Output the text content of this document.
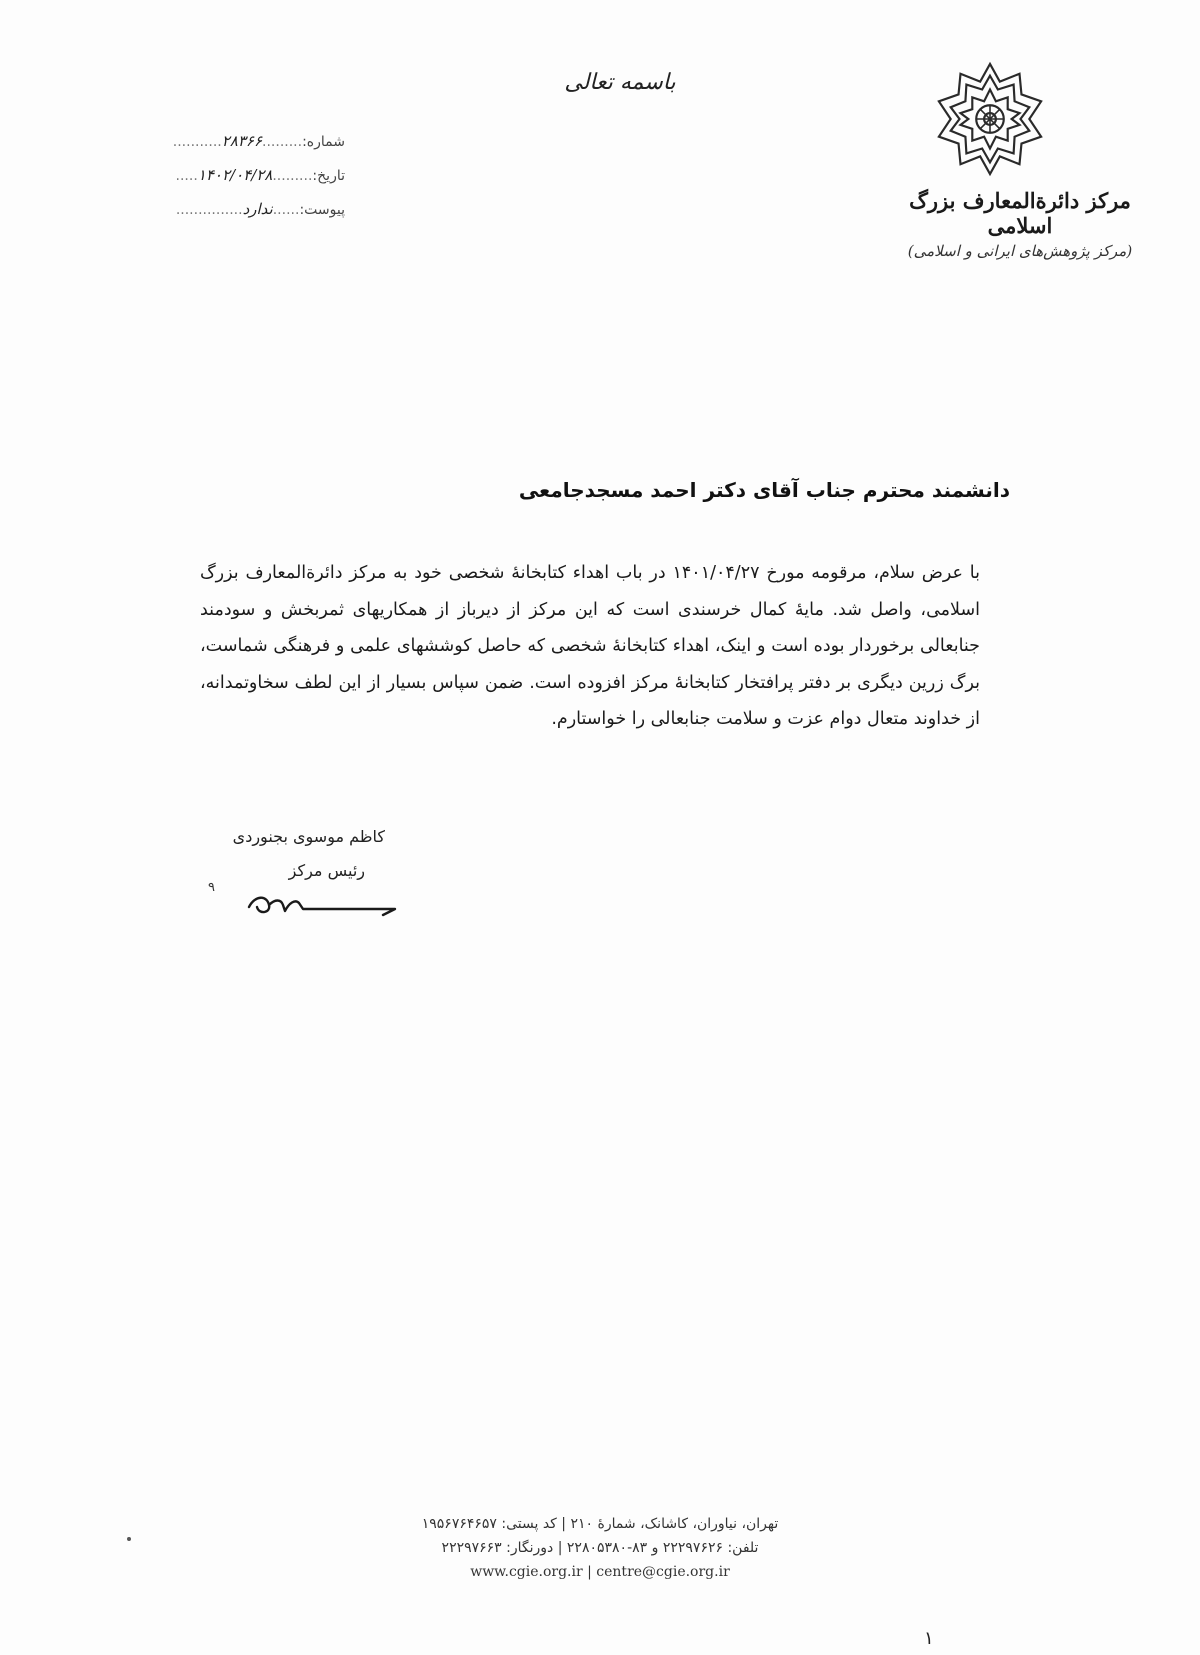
باسمه تعالی
مرکز دائرة‌المعارف بزرگ اسلامی
(مرکز پژوهش‌های ایرانی و اسلامی)
شماره:.........۲۸۳۶۶...........
تاریخ:.........۱۴۰۲/۰۴/۲۸.....
پیوست:......ندارد...............
دانشمند محترم جناب آقای دکتر احمد مسجدجامعی
با عرض سلام، مرقومه مورخ ۱۴۰۱/۰۴/۲۷ در باب اهداء کتابخانهٔ شخصی خود به مرکز دائرةالمعارف بزرگ اسلامی، واصل شد. مایهٔ کمال خرسندی است که این مرکز از دیرباز از همکاریهای ثمربخش و سودمند جنابعالی برخوردار بوده است و اینک، اهداء کتابخانهٔ شخصی که حاصل کوششهای علمی و فرهنگی شماست، برگ زرین دیگری بر دفتر پرافتخار کتابخانهٔ مرکز افزوده است. ضمن سپاس بسیار از این لطف سخاوتمدانه، از خداوند متعال دوام عزت و سلامت جنابعالی را خواستارم.
کاظم موسوی بجنوردی
رئیس مرکز
۹
تهران، نیاوران، کاشانک، شمارهٔ ۲۱۰ | کد پستی: ۱۹۵۶۷۶۴۶۵۷
تلفن: ۲۲۲۹۷۶۲۶ و ۸۳-۲۲۸۰۵۳۸۰ | دورنگار: ۲۲۲۹۷۶۶۳
www.cgie.org.ir | centre@cgie.org.ir
۱
